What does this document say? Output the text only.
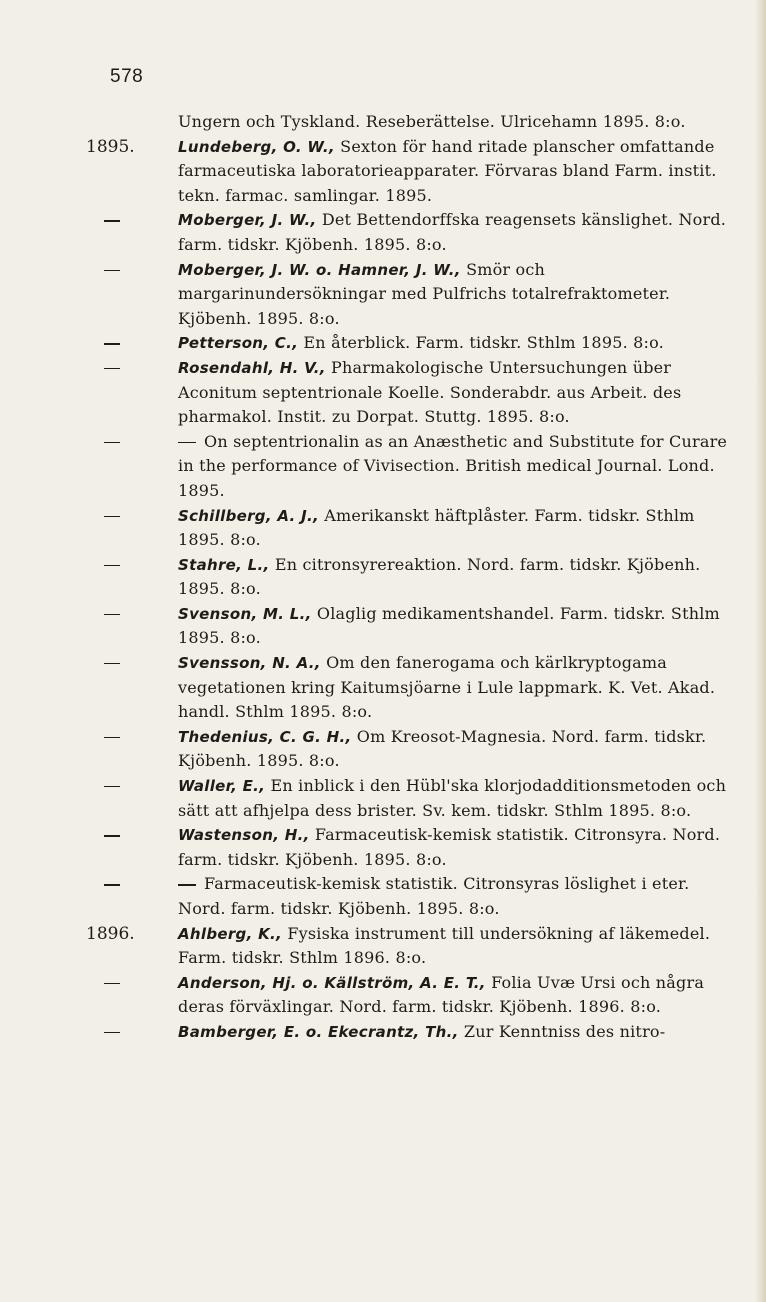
578
Ungern och Tyskland. Reseberättelse. Ulricehamn 1895. 8:o.
1895.	Lundeberg, O. W., Sexton för hand ritade planscher omfattande farmaceutiska laboratorieapparater. Förvaras bland Farm. instit. tekn. farmac. samlingar. 1895.
Moberger, J. W., Det Bettendorffska reagensets känslighet. Nord. farm. tidskr. Kjöbenh. 1895. 8:o.
Moberger, J. W. o. Hamner, J. W., Smör och margarinundersökningar med Pulfrichs totalrefraktometer. Kjöbenh. 1895. 8:o.
Petterson, C., En återblick. Farm. tidskr. Sthlm 1895. 8:o.
Rosendahl, H. V., Pharmakologische Untersuchungen über Aconitum septentrionale Koelle. Sonderabdr. aus Arbeit. des pharmakol. Instit. zu Dorpat. Stuttg. 1895. 8:o.
On septentrionalin as an Anæsthetic and Substitute for Curare in the performance of Vivisection. British medical Journal. Lond. 1895.
Schillberg, A. J., Amerikanskt häftplåster. Farm. tidskr. Sthlm 1895. 8:o.
Stahre, L., En citronsyrereaktion. Nord. farm. tidskr. Kjöbenh. 1895. 8:o.
Svenson, M. L., Olaglig medikamentshandel. Farm. tidskr. Sthlm 1895. 8:o.
Svensson, N. A., Om den fanerogama och kärlkryptogama vegetationen kring Kaitumsjöarne i Lule lappmark. K. Vet. Akad. handl. Sthlm 1895. 8:o.
Thedenius, C. G. H., Om Kreosot-Magnesia. Nord. farm. tidskr. Kjöbenh. 1895. 8:o.
Waller, E., En inblick i den Hübl'ska klorjodadditionsmetoden och sätt att afhjelpa dess brister. Sv. kem. tidskr. Sthlm 1895. 8:o.
Wastenson, H., Farmaceutisk-kemisk statistik. Citronsyra. Nord. farm. tidskr. Kjöbenh. 1895. 8:o.
Farmaceutisk-kemisk statistik. Citronsyras löslighet i eter. Nord. farm. tidskr. Kjöbenh. 1895. 8:o.
1896.	Ahlberg, K., Fysiska instrument till undersökning af läkemedel. Farm. tidskr. Sthlm 1896. 8:o.
Anderson, Hj. o. Källström, A. E. T., Folia Uvæ Ursi och några deras förväxlingar. Nord. farm. tidskr. Kjöbenh. 1896. 8:o.
Bamberger, E. o. Ekecrantz, Th., Zur Kenntniss des nitro-
